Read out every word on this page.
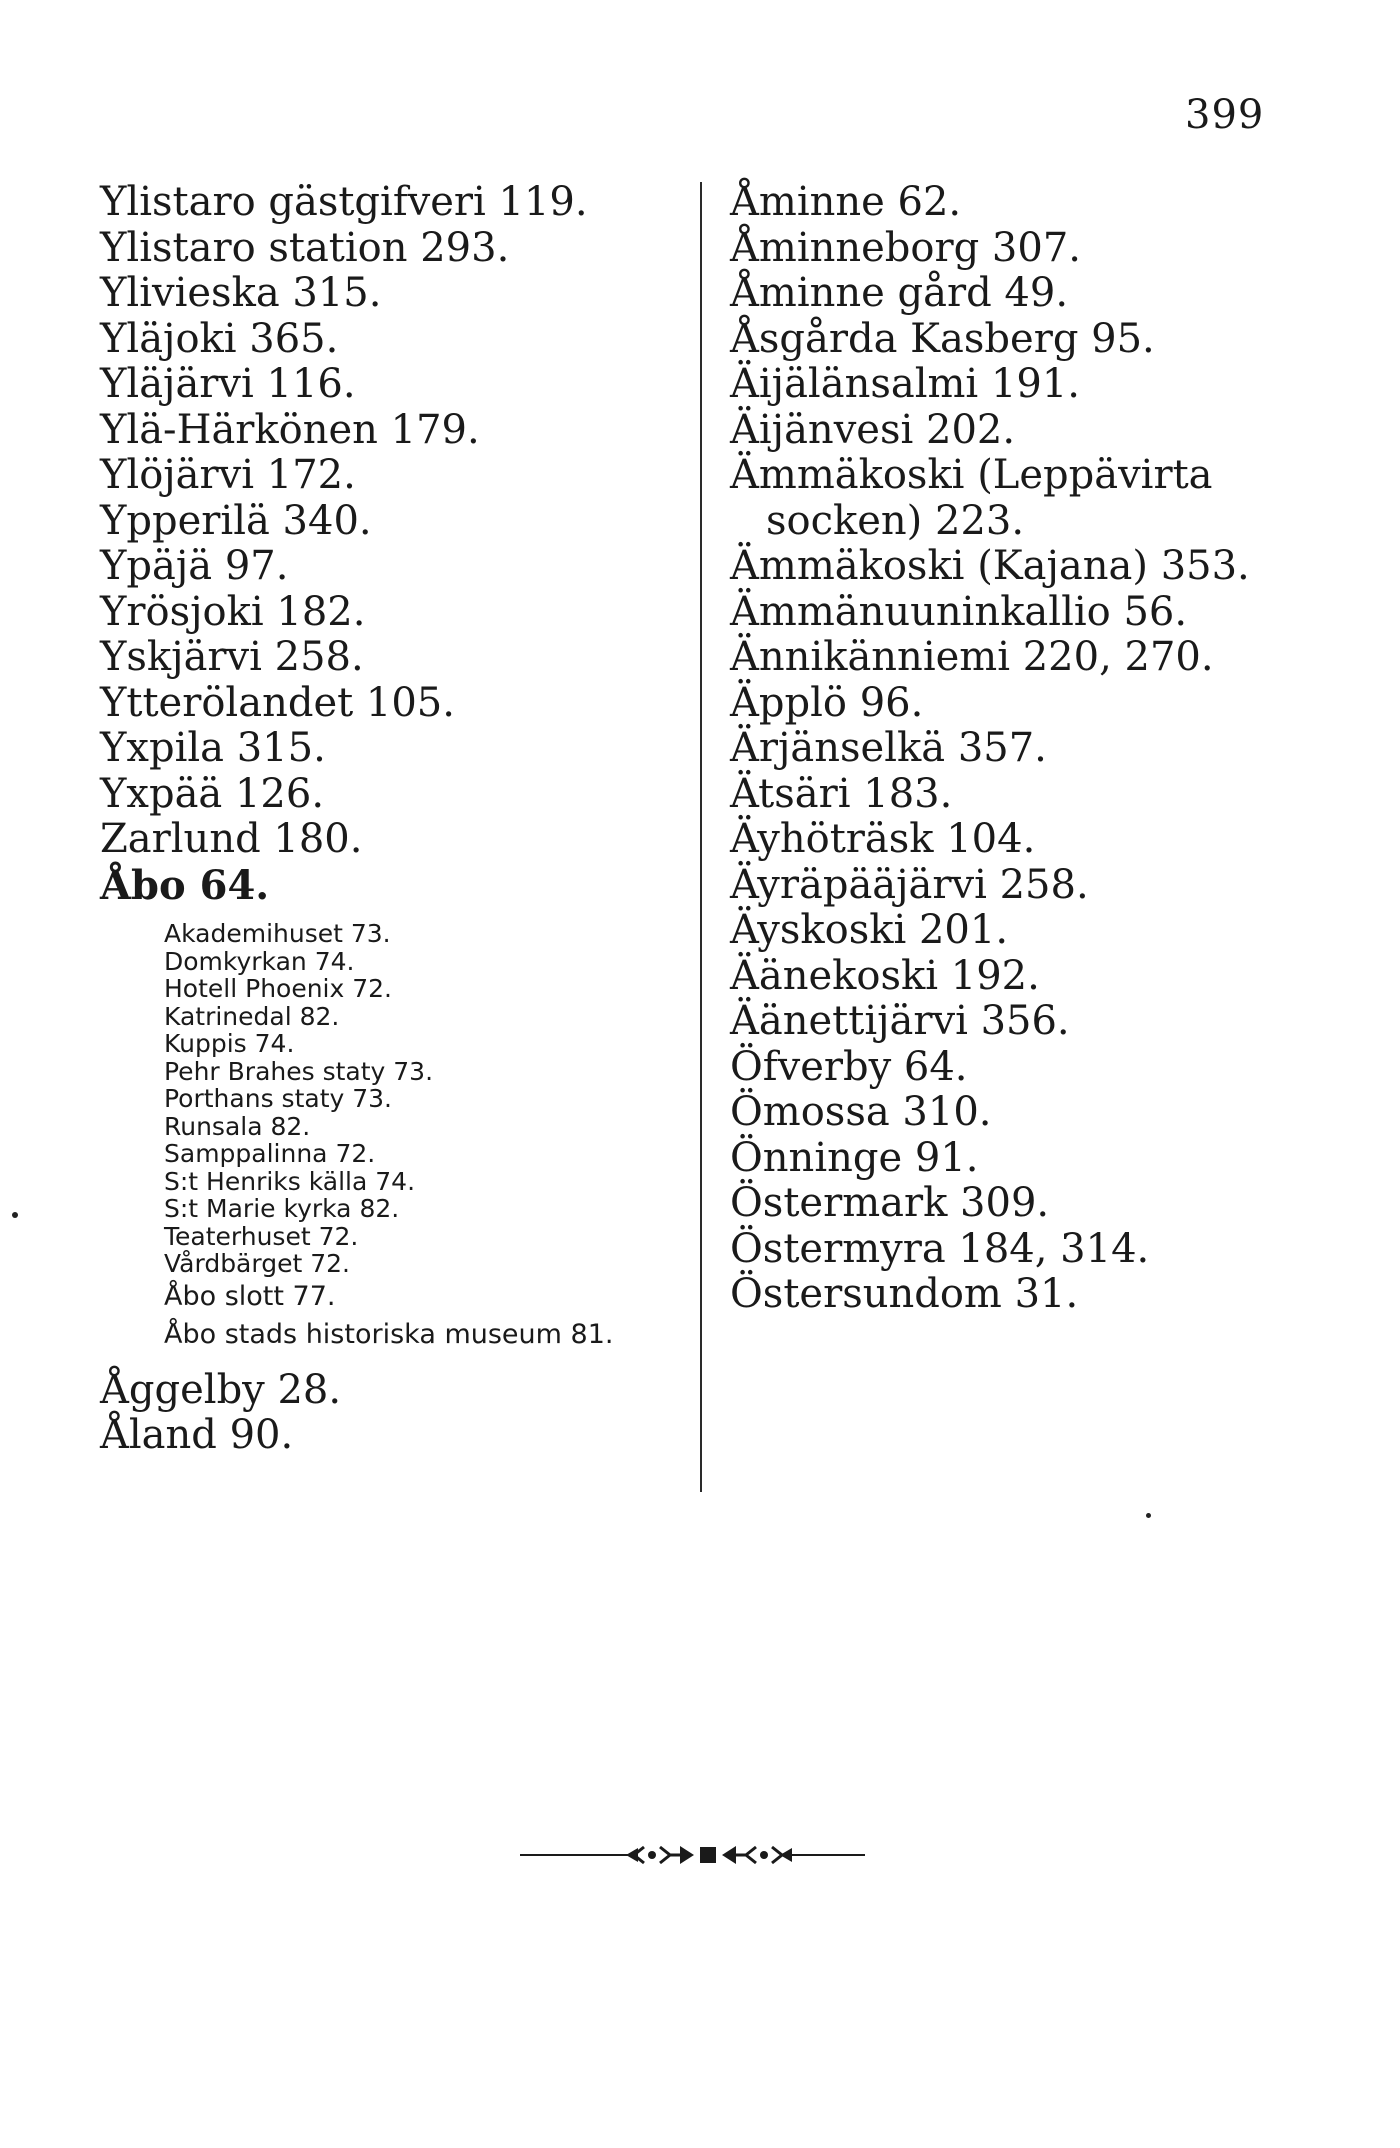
399
Ylistaro gästgifveri 119.
Ylistaro station 293.
Ylivieska 315.
Yläjoki 365.
Yläjärvi 116.
Ylä-Härkönen 179.
Ylöjärvi 172.
Ypperilä 340.
Ypäjä 97.
Yrösjoki 182.
Yskjärvi 258.
Ytterölandet 105.
Yxpila 315.
Yxpää 126.
Zarlund 180.
Åbo 64.
Akademihuset 73.
Domkyrkan 74.
Hotell Phoenix 72.
Katrinedal 82.
Kuppis 74.
Pehr Brahes staty 73.
Porthans staty 73.
Runsala 82.
Samppalinna 72.
S:t Henriks källa 74.
S:t Marie kyrka 82.
Teaterhuset 72.
Vårdbärget 72.
Åbo slott 77.
Åbo stads historiska museum 81.
Åggelby 28.
Åland 90.
Åminne 62.
Åminneborg 307.
Åminne gård 49.
Åsgårda Kasberg 95.
Äijälänsalmi 191.
Äijänvesi 202.
Ämmäkoski (Leppävirta
socken) 223.
Ämmäkoski (Kajana) 353.
Ämmänuuninkallio 56.
Ännikänniemi 220, 270.
Äpplö 96.
Ärjänselkä 357.
Ätsäri 183.
Äyhöträsk 104.
Äyräpääjärvi 258.
Äyskoski 201.
Äänekoski 192.
Äänettijärvi 356.
Öfverby 64.
Ömossa 310.
Önninge 91.
Östermark 309.
Östermyra 184, 314.
Östersundom 31.
